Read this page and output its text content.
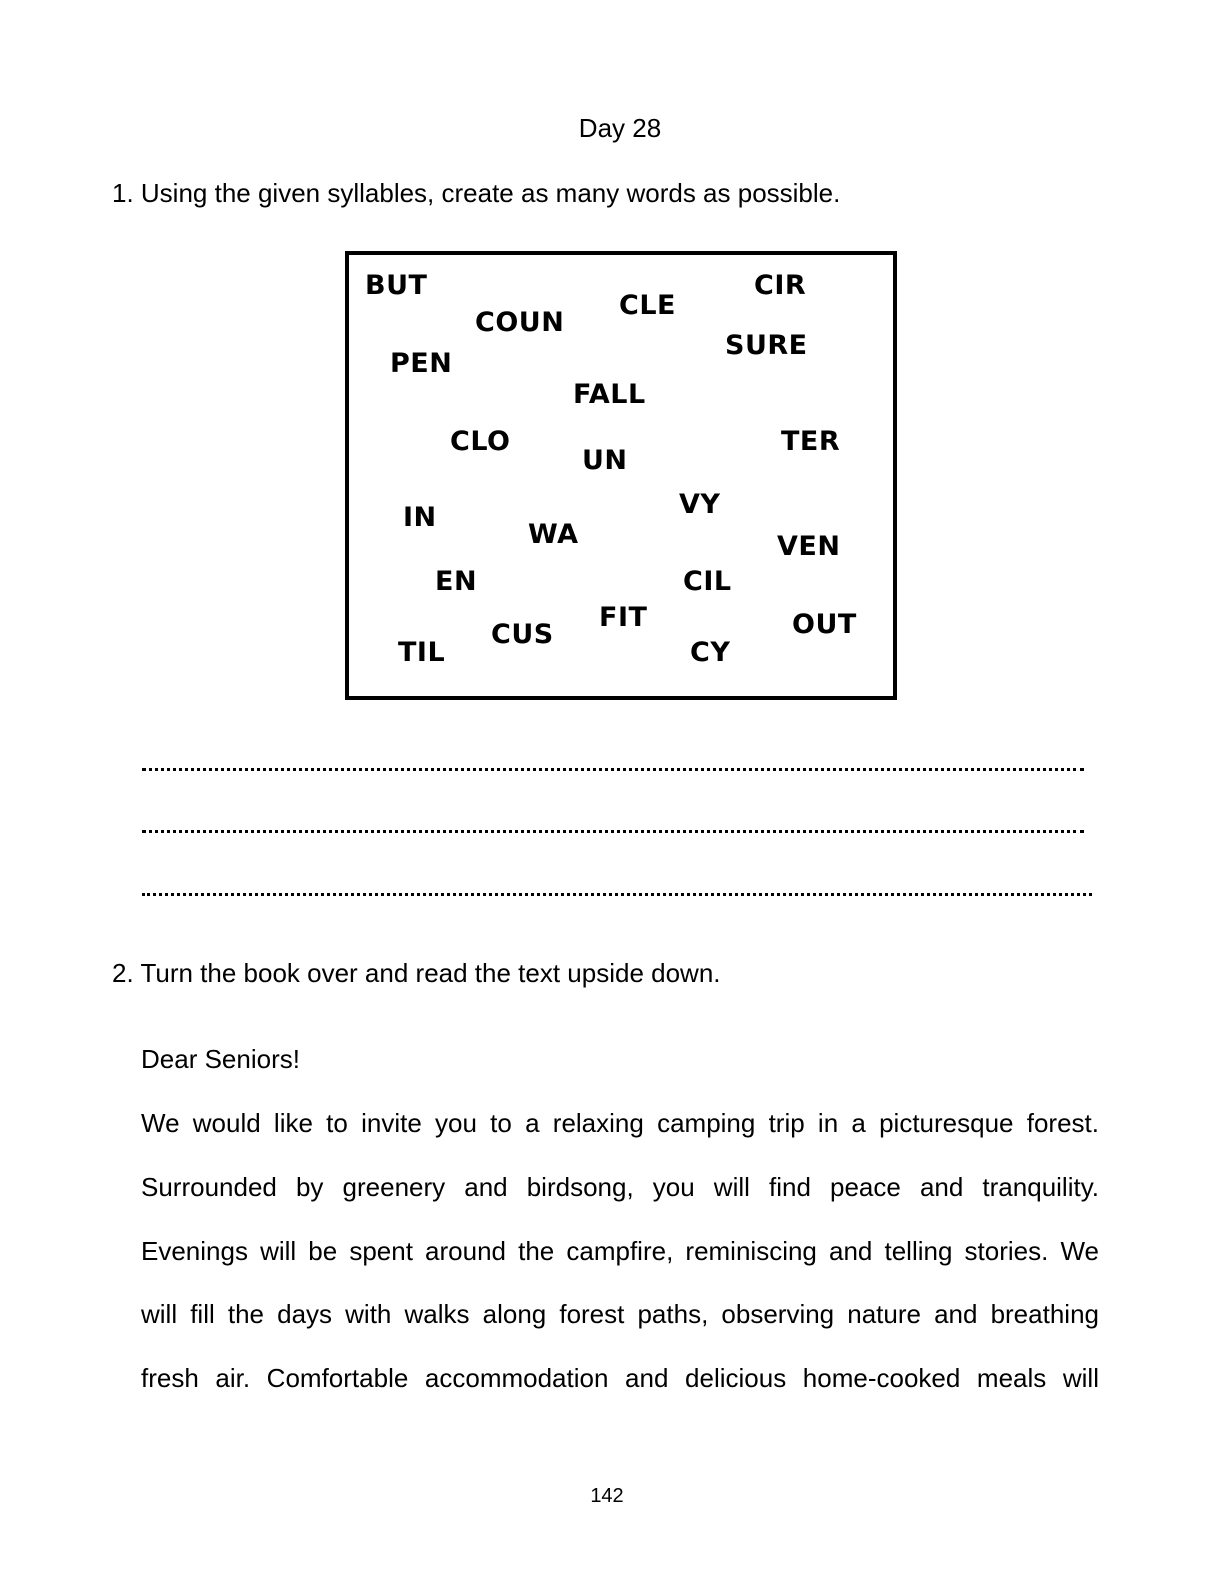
Day 28
1. Using the given syllables, create as many words as possible.
BUT
COUN
CLE
CIR
SURE
PEN
FALL
CLO
UN
TER
IN	VY
WA	VEN
EN	CIL
FIT
CUS	OUT
TIL	CY
2. Turn the book over and read the text upside down.
Dear Seniors!
We would like to invite you to a relaxing camping trip in a picturesque forest.
Surrounded by greenery and birdsong, you will find peace and tranquility.
Evenings will be spent around the campfire, reminiscing and telling stories. We
will fill the days with walks along forest paths, observing nature and breathing
fresh air. Comfortable accommodation and delicious home-cooked meals will
142
